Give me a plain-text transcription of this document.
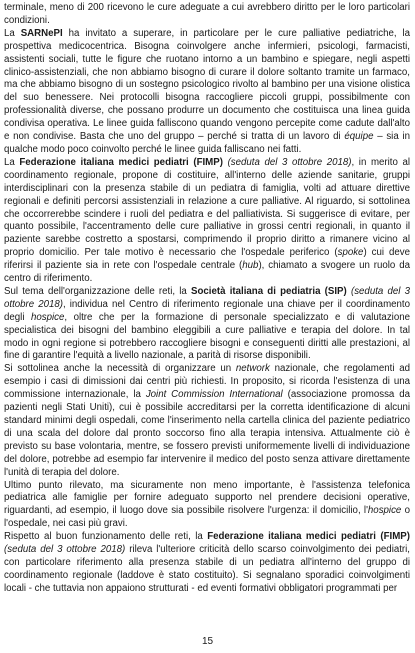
terminale, meno di 200 ricevono le cure adeguate a cui avrebbero diritto per le loro particolari condizioni.

La SARNePI ha invitato a superare, in particolare per le cure palliative pediatriche, la prospettiva medicocentrica. Bisogna coinvolgere anche infermieri, psicologi, farmacisti, assistenti sociali, tutte le figure che ruotano intorno a un bambino e spiegare, negli aspetti clinico-assistenziali, che non abbiamo bisogno di curare il dolore soltanto tramite un farmaco, ma che abbiamo bisogno di un sostegno psicologico rivolto al bambino per una visione olistica del suo benessere. Nei protocolli bisogna raccogliere piccoli gruppi, possibilmente con professionalità diverse, che possano produrre un documento che costituisca una linea guida condivisa operativa. Le linee guida falliscono quando vengono percepite come cadute dall'alto e non condivise. Basta che uno del gruppo – perché si tratta di un lavoro di équipe – sia in qualche modo poco coinvolto perché le linee guida falliscano nei fatti.

La Federazione italiana medici pediatri (FIMP) (seduta del 3 ottobre 2018), in merito al coordinamento regionale, propone di costituire, all'interno delle aziende sanitarie, gruppi interdisciplinari con la presenza stabile di un pediatra di famiglia, volti ad attuare direttive regionali e definiti percorsi assistenziali in relazione a cure palliative. Al riguardo, si sottolinea che occorrerebbe scindere i ruoli del pediatra e del palliativista. Si suggerisce di evitare, per quanto possibile, l'accentramento delle cure palliative in grossi centri regionali, in quanto il paziente sarebbe costretto a spostarsi, comprimendo il proprio diritto a rimanere vicino al proprio domicilio. Per tale motivo è necessario che l'ospedale periferico (spoke) cui deve riferirsi il paziente sia in rete con l'ospedale centrale (hub), chiamato a svogere un ruolo da centro di riferimento.

Sul tema dell'organizzazione delle reti, la Società italiana di pediatria (SIP) (seduta del 3 ottobre 2018), individua nel Centro di riferimento regionale una chiave per il coordinamento degli hospice, oltre che per la formazione di personale specializzato e di valutazione specialistica dei bisogni del bambino eleggibili a cure palliative e terapia del dolore. In tal modo in ogni regione si potrebbero raccogliere bisogni e conseguenti diritti alle prestazioni, al fine di garantire l'equità a livello nazionale, a parità di risorse disponibili.

Si sottolinea anche la necessità di organizzare un network nazionale, che regolamenti ad esempio i casi di dimissioni dai centri più richiesti. In proposito, si ricorda l'esistenza di una commissione internazionale, la Joint Commission International (associazione promossa da pazienti negli Stati Uniti), cui è possibile accreditarsi per la corretta identificazione di alcuni standard minimi degli ospedali, come l'inserimento nella cartella clinica del paziente pediatrico di una scala del dolore dal pronto soccorso fino alla terapia intensiva. Attualmente ciò è previsto su base volontaria, mentre, se fossero previsti uniformemente livelli di individuazione del dolore, potrebbe ad esempio far intervenire il medico del posto senza attivare direttamente l'unità di terapia del dolore.

Ultimo punto rilevato, ma sicuramente non meno importante, è l'assistenza telefonica pediatrica alle famiglie per fornire adeguato supporto nel prendere decisioni operative, riguardanti, ad esempio, il luogo dove sia possibile risolvere l'urgenza: il domicilio, l'hospice o l'ospedale, nei casi più gravi.

Rispetto al buon funzionamento delle reti, la Federazione italiana medici pediatri (FIMP) (seduta del 3 ottobre 2018) rileva l'ulteriore criticità dello scarso coinvolgimento dei pediatri, con particolare riferimento alla presenza stabile di un pediatra all'interno del gruppo di coordinamento regionale (laddove è stato costituito). Si segnalano sporadici coinvolgimenti locali - che tuttavia non appaiono strutturati - ed eventi formativi obbligatori programmati per

15
